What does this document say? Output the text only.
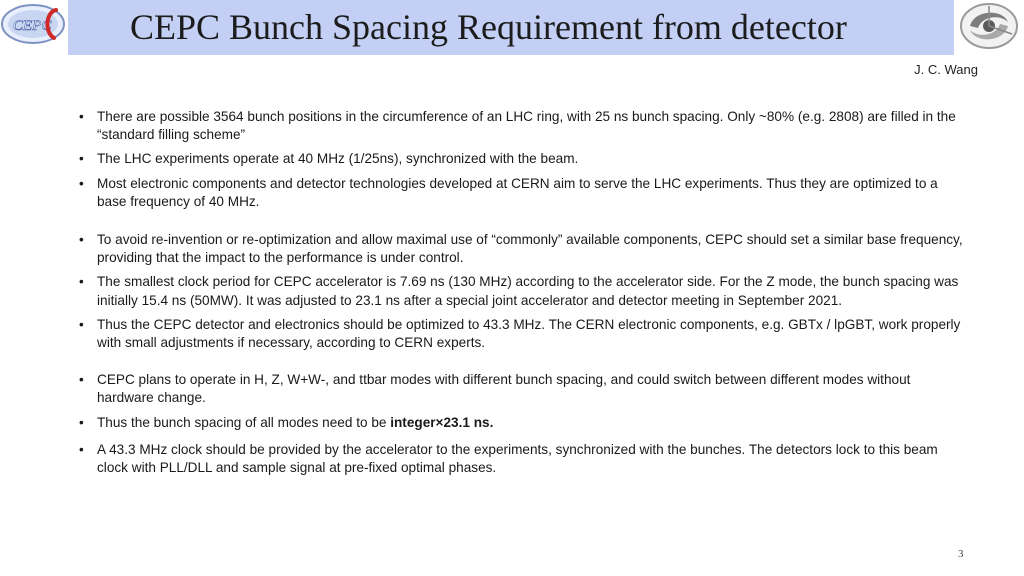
CEPC CEPC Bunch Spacing Requirement from detector
J. C. Wang
• There are possible 3564 bunch positions in the circumference of an LHC ring, with 25 ns bunch spacing. Only ~80% (e.g. 2808) are filled in the “standard filling scheme”
• The LHC experiments operate at 40 MHz (1/25ns), synchronized with the beam.
• Most electronic components and detector technologies developed at CERN aim to serve the LHC experiments. Thus they are optimized to a base frequency of 40 MHz.
• To avoid re-invention or re-optimization and allow maximal use of “commonly” available components, CEPC should set a similar base frequency, providing that the impact to the performance is under control.
• The smallest clock period for CEPC accelerator is 7.69 ns (130 MHz) according to the accelerator side. For the Z mode, the bunch spacing was initially 15.4 ns (50MW). It was adjusted to 23.1 ns after a special joint accelerator and detector meeting in September 2021.
• Thus the CEPC detector and electronics should be optimized to 43.3 MHz. The CERN electronic components, e.g. GBTx / lpGBT, work properly with small adjustments if necessary, according to CERN experts.
• CEPC plans to operate in H, Z, W+W-, and ttbar modes with different bunch spacing, and could switch between different modes without hardware change.
• Thus the bunch spacing of all modes need to be integer×23.1 ns.
• A 43.3 MHz clock should be provided by the accelerator to the experiments, synchronized with the bunches. The detectors lock to this beam clock with PLL/DLL and sample signal at pre-fixed optimal phases.
3
